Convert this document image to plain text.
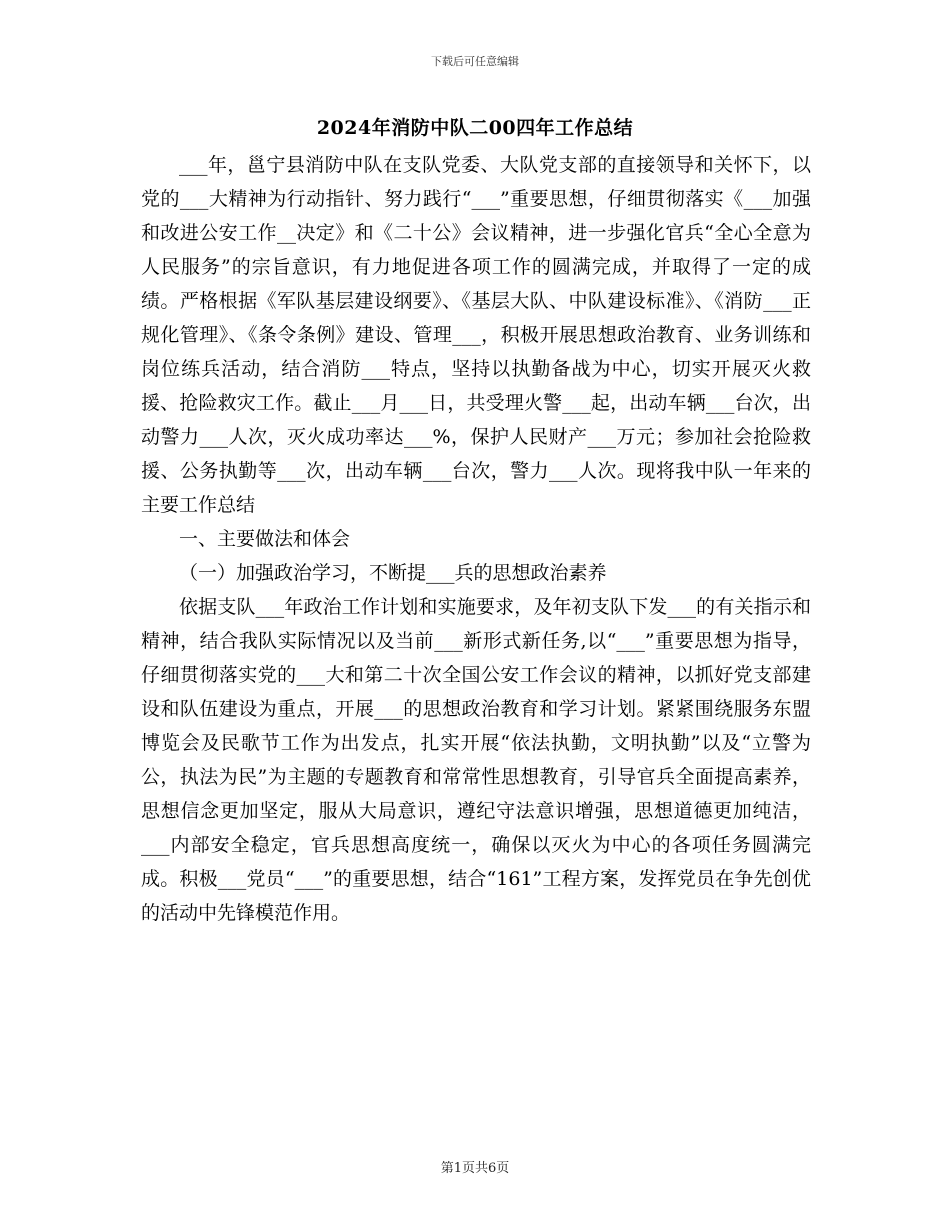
下载后可任意编辑
2024年消防中队二00四年工作总结

___年，邕宁县消防中队在支队党委、大队党支部的直接领导和关怀下，以党的___大精神为行动指针、努力践行“___”重要思想，仔细贯彻落实《___加强和改进公安工作__决定》和《二十公》会议精神，进一步强化官兵“全心全意为人民服务”的宗旨意识，有力地促进各项工作的圆满完成，并取得了一定的成绩。严格根据《军队基层建设纲要》、《基层大队、中队建设标准》、《消防___正规化管理》、《条令条例》建设、管理___，积极开展思想政治教育、业务训练和岗位练兵活动，结合消防___特点，坚持以执勤备战为中心，切实开展灭火救援、抢险救灾工作。截止___月___日，共受理火警___起，出动车辆___台次，出动警力___人次，灭火成功率达___%，保护人民财产___万元；参加社会抢险救援、公务执勤等___次，出动车辆___台次，警力___人次。现将我中队一年来的主要工作总结

一、主要做法和体会

（一）加强政治学习，不断提___兵的思想政治素养

依据支队___年政治工作计划和实施要求，及年初支队下发___的有关指示和精神，结合我队实际情况以及当前___新形式新任务,以“___”重要思想为指导，仔细贯彻落实党的___大和第二十次全国公安工作会议的精神，以抓好党支部建设和队伍建设为重点，开展___的思想政治教育和学习计划。紧紧围绕服务东盟博览会及民歌节工作为出发点，扎实开展“依法执勤，文明执勤”以及“立警为公，执法为民”为主题的专题教育和常常性思想教育，引导官兵全面提高素养，思想信念更加坚定，服从大局意识，遵纪守法意识增强，思想道德更加纯洁，___内部安全稳定，官兵思想高度统一，确保以灭火为中心的各项任务圆满完成。积极___党员“___”的重要思想，结合“161”工程方案，发挥党员在争先创优的活动中先锋模范作用。

第1页共6页
